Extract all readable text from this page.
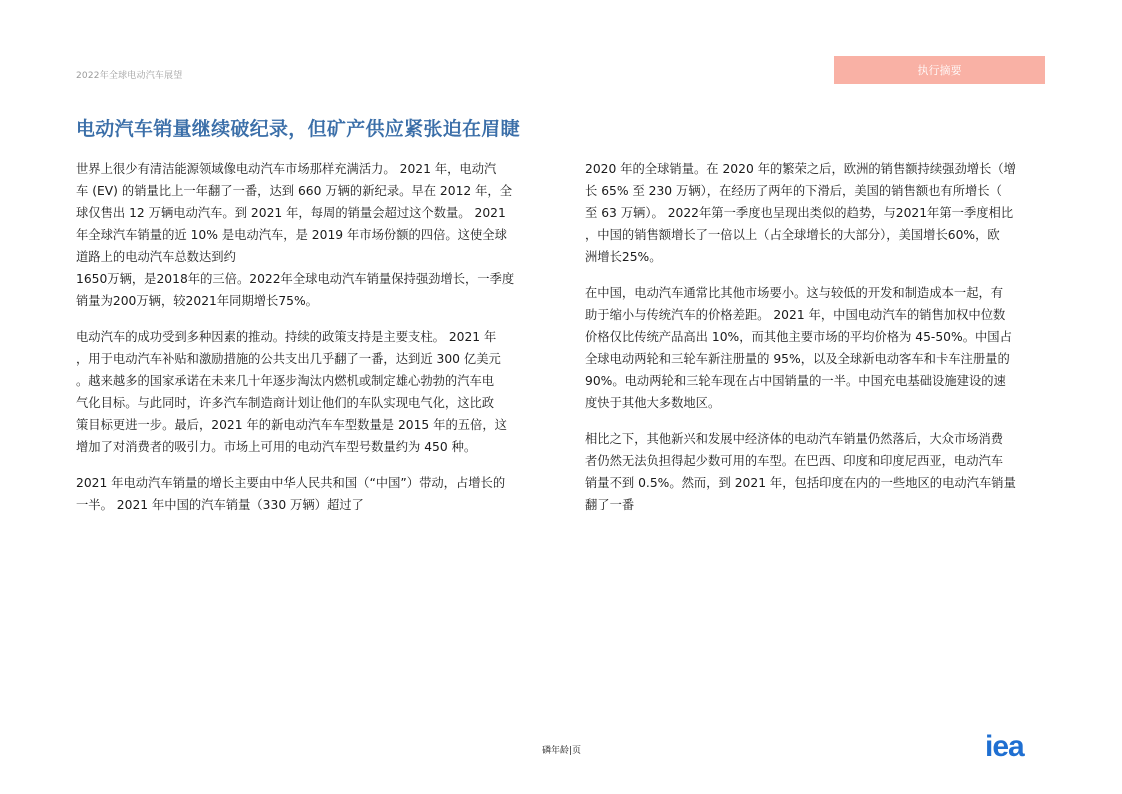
2022年全球电动汽车展望	执行摘要
电动汽车销量继续破纪录，但矿产供应紧张迫在眉睫

世界上很少有清洁能源领域像电动汽车市场那样充满活力。 2021 年，电动汽
车 (EV) 的销量比上一年翻了一番，达到 660 万辆的新纪录。早在 2012 年，全
球仅售出 12 万辆电动汽车。到 2021 年，每周的销量会超过这个数量。 2021
年全球汽车销量的近 10% 是电动汽车，是 2019 年市场份额的四倍。这使全球
道路上的电动汽车总数达到约
1650万辆，是2018年的三倍。2022年全球电动汽车销量保持强劲增长，一季度
销量为200万辆，较2021年同期增长75%。

电动汽车的成功受到多种因素的推动。持续的政策支持是主要支柱。 2021 年
，用于电动汽车补贴和激励措施的公共支出几乎翻了一番，达到近 300 亿美元
。越来越多的国家承诺在未来几十年逐步淘汰内燃机或制定雄心勃勃的汽车电
气化目标。与此同时，许多汽车制造商计划让他们的车队实现电气化，这比政
策目标更进一步。最后，2021 年的新电动汽车车型数量是 2015 年的五倍，这
增加了对消费者的吸引力。市场上可用的电动汽车型号数量约为 450 种。

2021 年电动汽车销量的增长主要由中华人民共和国（“中国”）带动，占增长的
一半。 2021 年中国的汽车销量（330 万辆）超过了

2020 年的全球销量。在 2020 年的繁荣之后，欧洲的销售额持续强劲增长（增
长 65% 至 230 万辆），在经历了两年的下滑后，美国的销售额也有所增长（
至 63 万辆）。 2022年第一季度也呈现出类似的趋势，与2021年第一季度相比
，中国的销售额增长了一倍以上（占全球增长的大部分），美国增长60%，欧
洲增长25%。

在中国，电动汽车通常比其他市场要小。这与较低的开发和制造成本一起，有
助于缩小与传统汽车的价格差距。 2021 年，中国电动汽车的销售加权中位数
价格仅比传统产品高出 10%，而其他主要市场的平均价格为 45-50%。中国占
全球电动两轮和三轮车新注册量的 95%，以及全球新电动客车和卡车注册量的
90%。电动两轮和三轮车现在占中国销量的一半。中国充电基础设施建设的速
度快于其他大多数地区。

相比之下，其他新兴和发展中经济体的电动汽车销量仍然落后，大众市场消费
者仍然无法负担得起少数可用的车型。在巴西、印度和印度尼西亚，电动汽车
销量不到 0.5%。然而，到 2021 年，包括印度在内的一些地区的电动汽车销量
翻了一番

磷年龄|页	iea
